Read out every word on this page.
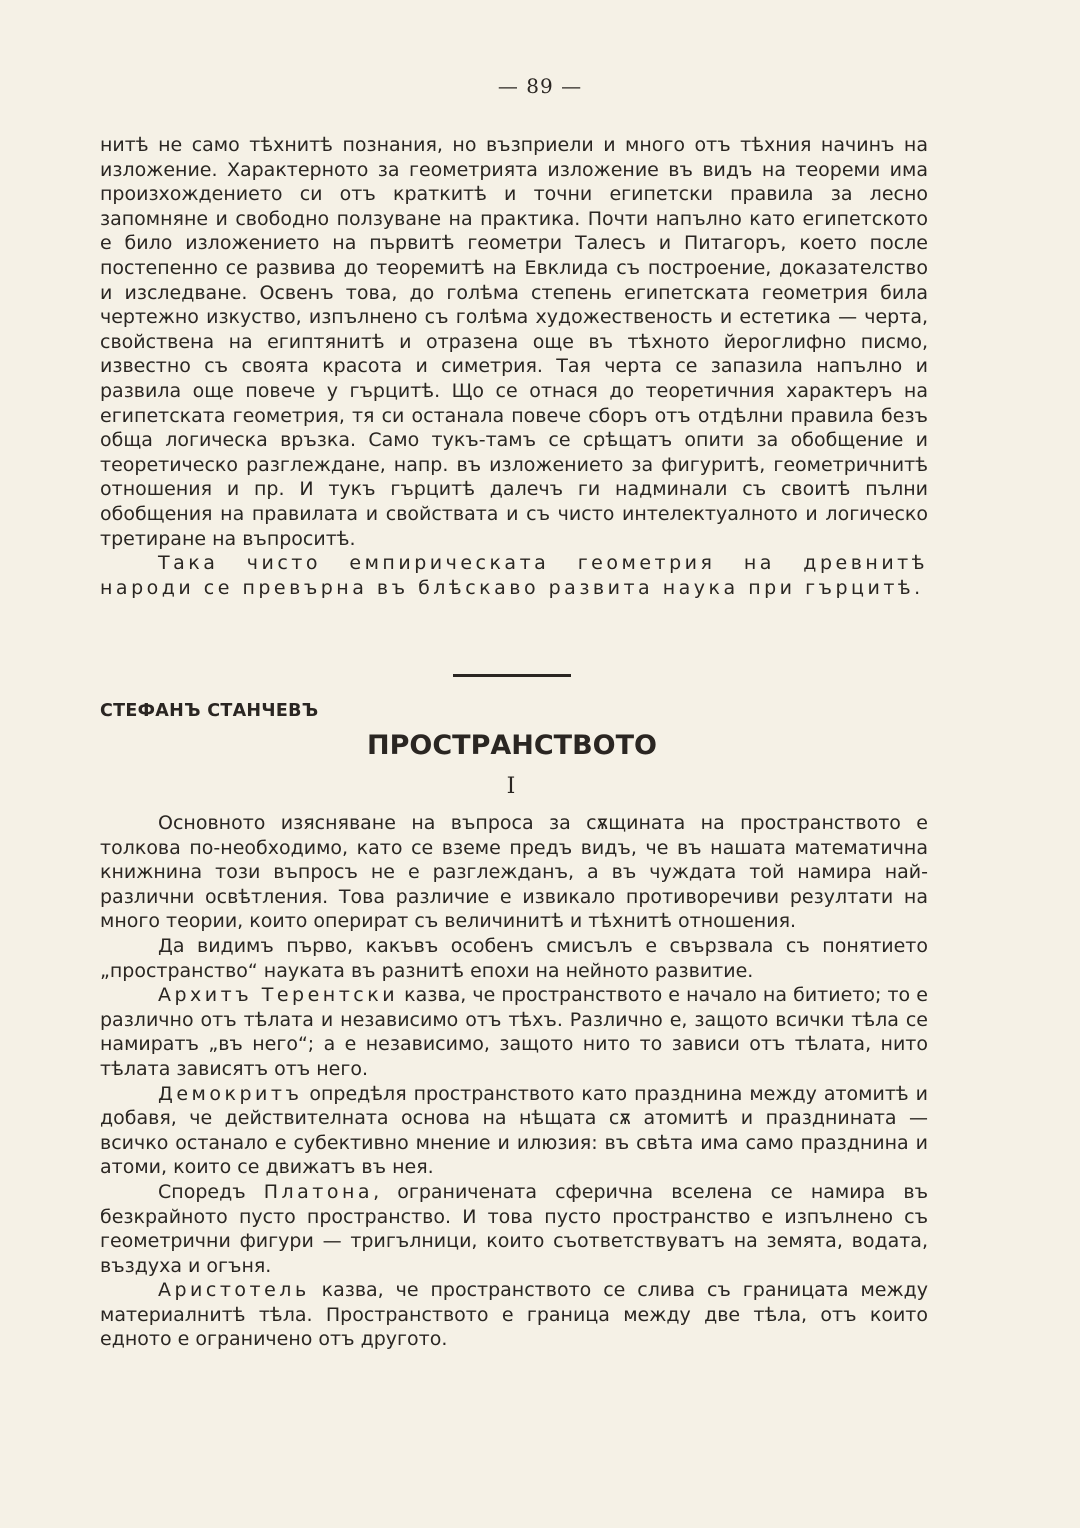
— 89 —

нитѣ не само тѣхнитѣ познания, но възприели и много отъ тѣхния начинъ на изложение. Характерното за геометрията изложение въ видъ на теореми има произхождението си отъ краткитѣ и точни египетски правила за лесно запомняне и свободно ползуване на практика. Почти напълно като египетското е било изложението на първитѣ геометри Талесъ и Питагоръ, което после постепенно се развива до теоремитѣ на Евклида съ построение, доказателство и изследване. Освенъ това, до голѣма степень египетската геометрия била чертежно изкуство, изпълнено съ голѣма художественость и естетика — черта, свойствена на египтянитѣ и отразена още въ тѣхното йероглифно писмо, известно съ своята красота и симетрия. Тая черта се запазила напълно и развила още повече у гърцитѣ. Що се отнася до теоретичния характеръ на египетската геометрия, тя си останала повече сборъ отъ отдѣлни правила безъ обща логическа връзка. Само тукъ-тамъ се срѣщатъ опити за обобщение и теоретическо разглеждане, напр. въ изложението за фигуритѣ, геометричнитѣ отношения и пр. И тукъ гърцитѣ далечъ ги надминали съ своитѣ пълни обобщения на правилата и свойствата и съ чисто интелектуалното и логическо третиране на въпроситѣ.

Така чисто емпирическата геометрия на древнитѣ народи се превърна въ блѣскаво развита наука при гърцитѣ.

СТЕФАНЪ СТАНЧЕВЪ
ПРОСТРАНСТВОТО
I

Основното изясняване на въпроса за сѫщината на пространството е толкова по-необходимо, като се вземе предъ видъ, че въ нашата математична книжнина този въпросъ не е разглежданъ, а въ чуждата той намира най-различни освѣтления. Това различие е извикало противоречиви резултати на много теории, които оперират съ величинитѣ и тѣхнитѣ отношения.

Да видимъ първо, какъвъ особенъ смисълъ е свързвала съ понятието „пространство“ науката въ разнитѣ епохи на нейното развитие.

Архитъ Терентски казва, че пространството е начало на битието; то е различно отъ тѣлата и независимо отъ тѣхъ. Различно е, защото всички тѣла се намиратъ „въ него“; а е независимо, защото нито то зависи отъ тѣлата, нито тѣлата зависятъ отъ него.

Демокритъ опредѣля пространството като празднина между атомитѣ и добавя, че действителната основа на нѣщата сѫ атомитѣ и празднината — всичко останало е субективно мнение и илюзия: въ свѣта има само празднина и атоми, които се движатъ въ нея.

Споредъ Платона, ограничената сферична вселена се намира въ безкрайното пусто пространство. И това пусто пространство е изпълнено съ геометрични фигури — тригълници, които съответствуватъ на земята, водата, въздуха и огъня.

Аристотель казва, че пространството се слива съ границата между материалнитѣ тѣла. Пространството е граница между две тѣла, отъ които едното е ограничено отъ другото.
